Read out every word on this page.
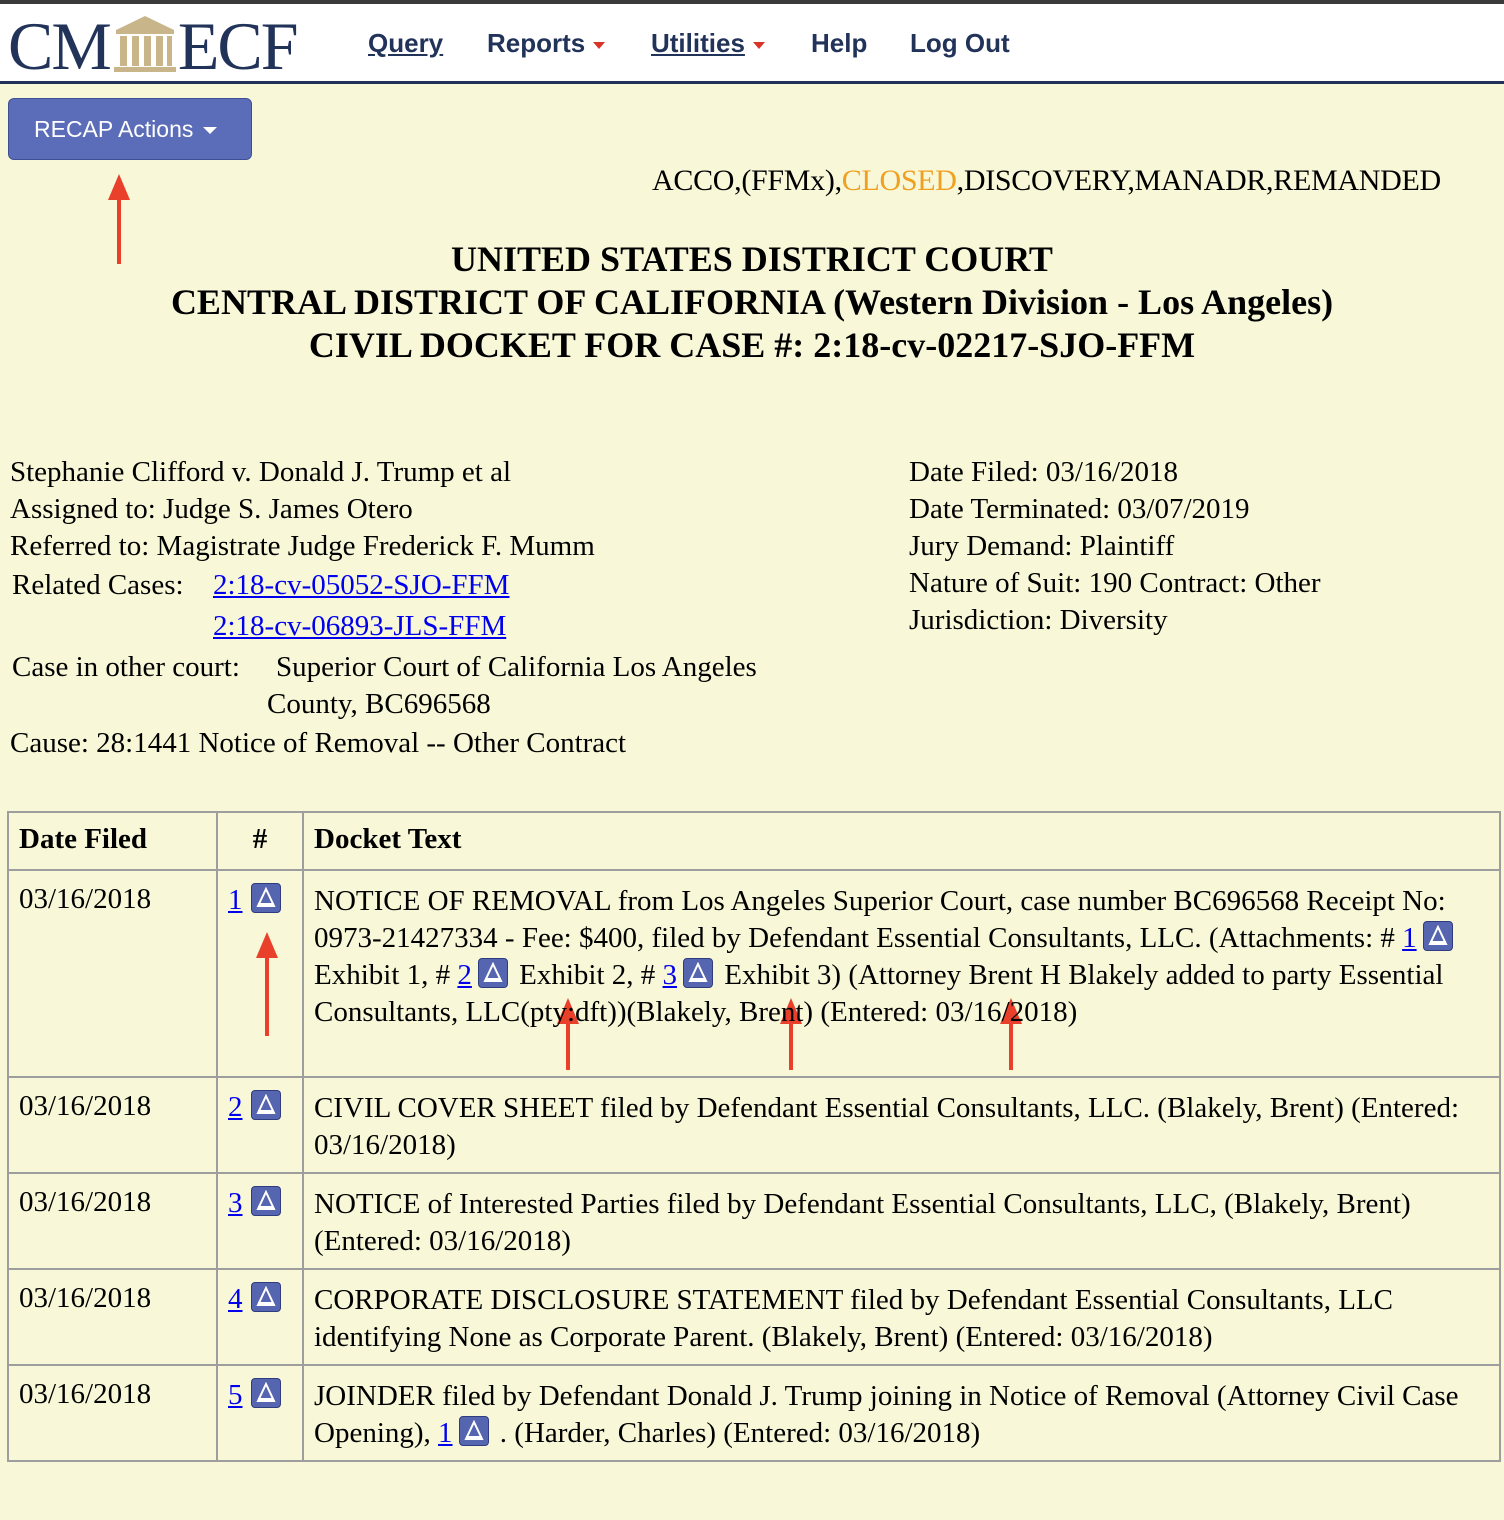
CM ECF	Query Reports	Utilities	Help Log Out
RECAP Actions
ACCO,(FFMx),CLOSED,DISCOVERY,MANADR,REMANDED
UNITED STATES DISTRICT COURT
CENTRAL DISTRICT OF CALIFORNIA (Western Division - Los Angeles)
CIVIL DOCKET FOR CASE #: 2:18-cv-02217-SJO-FFM
Stephanie Clifford v. Donald J. Trump et al
Assigned to: Judge S. James Otero
Referred to: Magistrate Judge Frederick F. Mumm
Related Cases: 2:18-cv-05052-SJO-FFM
2:18-cv-06893-JLS-FFM
Case in other court: Superior Court of California Los Angeles
County, BC696568
Cause: 28:1441 Notice of Removal -- Other Contract
Date Filed: 03/16/2018
Date Terminated: 03/07/2019
Jury Demand: Plaintiff
Nature of Suit: 190 Contract: Other
Jurisdiction: Diversity
Date Filed	#	Docket Text
03/16/2018	1	NOTICE OF REMOVAL from Los Angeles Superior Court, case number BC696568 Receipt No: 0973-21427334 - Fee: $400, filed by Defendant Essential Consultants, LLC. (Attachments: # 1
Exhibit 1, # 2
Exhibit 2, # 3
Exhibit 3) (Attorney Brent H Blakely added to party Essential Consultants, LLC(pty:dft))(Blakely, Brent) (Entered: 03/16/2018)
03/16/2018	2	CIVIL COVER SHEET filed by Defendant Essential Consultants, LLC. (Blakely, Brent) (Entered: 03/16/2018)
03/16/2018	3	NOTICE of Interested Parties filed by Defendant Essential Consultants, LLC, (Blakely, Brent) (Entered: 03/16/2018)
03/16/2018	4	CORPORATE DISCLOSURE STATEMENT filed by Defendant Essential Consultants, LLC identifying None as Corporate Parent. (Blakely, Brent) (Entered: 03/16/2018)
03/16/2018	5	JOINDER filed by Defendant Donald J. Trump joining in Notice of Removal (Attorney Civil Case Opening), 1
. (Harder, Charles) (Entered: 03/16/2018)
